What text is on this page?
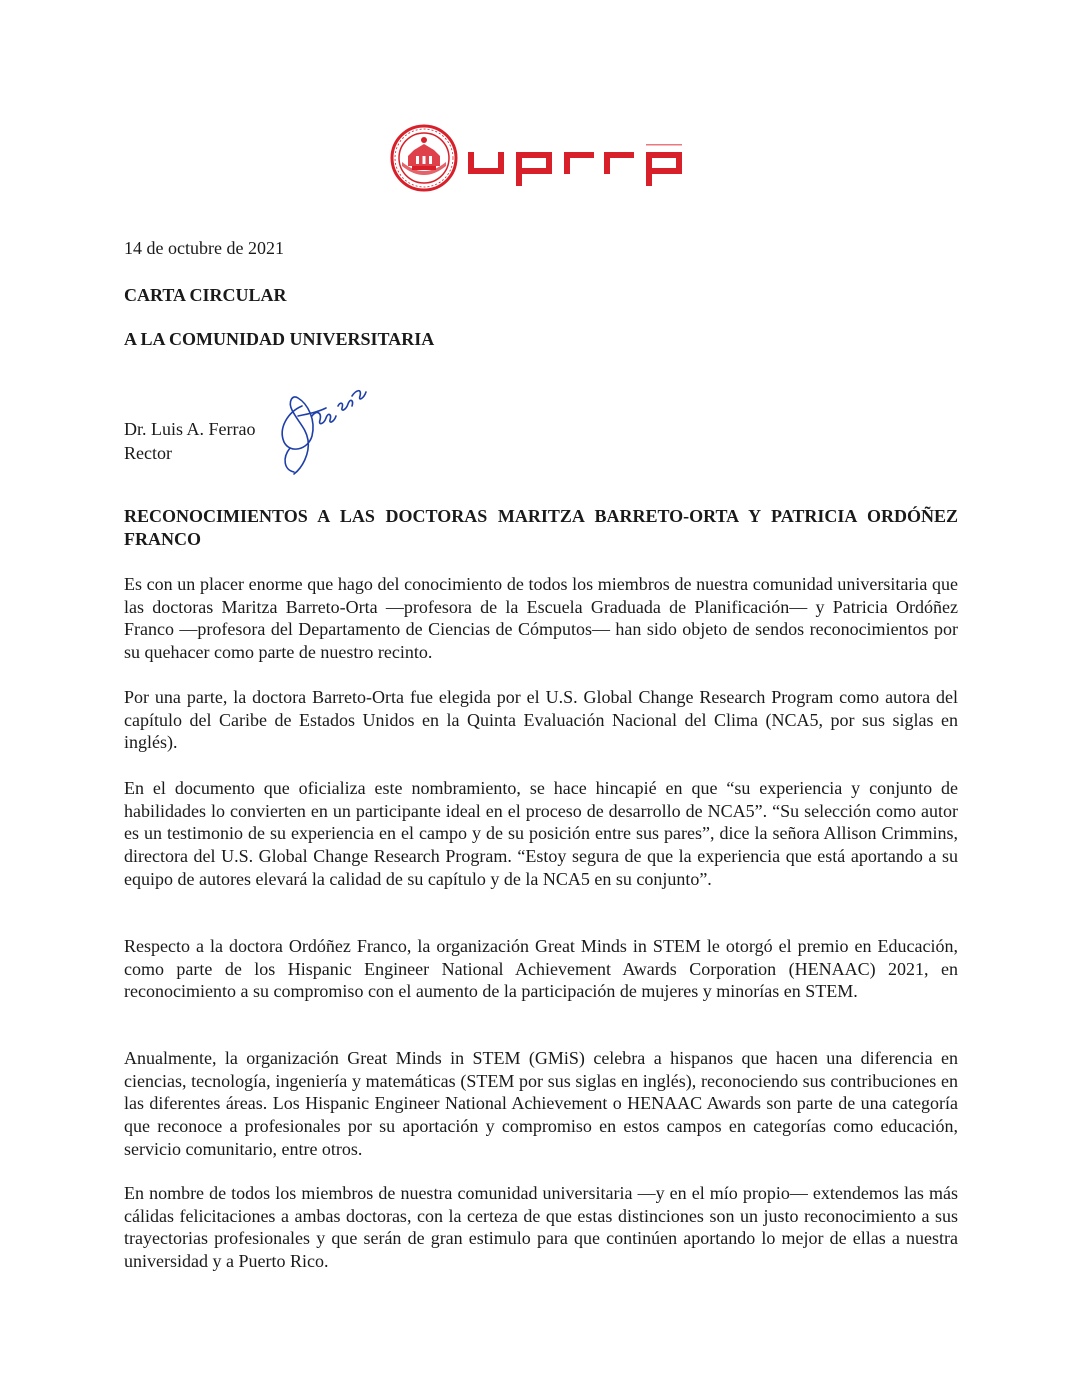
14 de octubre de 2021
CARTA CIRCULAR
A LA COMUNIDAD UNIVERSITARIA
Dr. Luis A. Ferrao
Rector
RECONOCIMIENTOS A LAS DOCTORAS MARITZA BARRETO-ORTA Y PATRICIA ORDÓÑEZ FRANCO

Es con un placer enorme que hago del conocimiento de todos los miembros de nuestra comunidad universitaria que las doctoras Maritza Barreto-Orta —profesora de la Escuela Graduada de Planificación— y Patricia Ordóñez Franco —profesora del Departamento de Ciencias de Cómputos— han sido objeto de sendos reconocimientos por su quehacer como parte de nuestro recinto.

Por una parte, la doctora Barreto-Orta fue elegida por el U.S. Global Change Research Program como autora del capítulo del Caribe de Estados Unidos en la Quinta Evaluación Nacional del Clima (NCA5, por sus siglas en inglés).

En el documento que oficializa este nombramiento, se hace hincapié en que “su experiencia y conjunto de habilidades lo convierten en un participante ideal en el proceso de desarrollo de NCA5”. “Su selección como autor es un testimonio de su experiencia en el campo y de su posición entre sus pares”, dice la señora Allison Crimmins, directora del U.S. Global Change Research Program. “Estoy segura de que la experiencia que está aportando a su equipo de autores elevará la calidad de su capítulo y de la NCA5 en su conjunto”.

Respecto a la doctora Ordóñez Franco, la organización Great Minds in STEM le otorgó el premio en Educación, como parte de los Hispanic Engineer National Achievement Awards Corporation (HENAAC) 2021, en reconocimiento a su compromiso con el aumento de la participación de mujeres y minorías en STEM.

Anualmente, la organización Great Minds in STEM (GMiS) celebra a hispanos que hacen una diferencia en ciencias, tecnología, ingeniería y matemáticas (STEM por sus siglas en inglés), reconociendo sus contribuciones en las diferentes áreas. Los Hispanic Engineer National Achievement o HENAAC Awards son parte de una categoría que reconoce a profesionales por su aportación y compromiso en estos campos en categorías como educación, servicio comunitario, entre otros.

En nombre de todos los miembros de nuestra comunidad universitaria —y en el mío propio— extendemos las más cálidas felicitaciones a ambas doctoras, con la certeza de que estas distinciones son un justo reconocimiento a sus trayectorias profesionales y que serán de gran estimulo para que continúen aportando lo mejor de ellas a nuestra universidad y a Puerto Rico.
